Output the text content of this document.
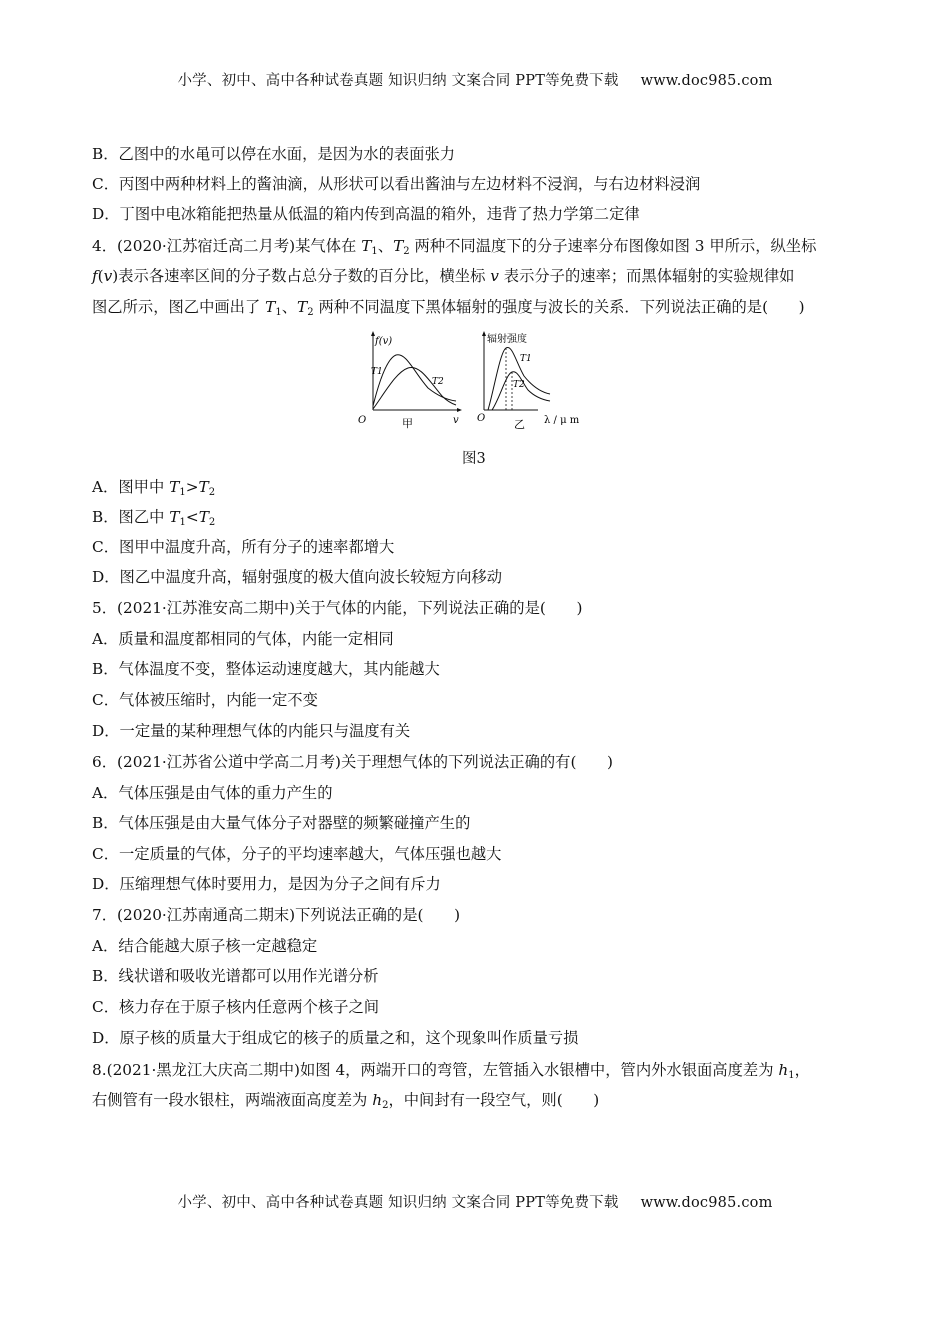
小学、初中、高中各种试卷真题 知识归纳 文案合同 PPT等免费下载 www.doc985.com
B．乙图中的水黾可以停在水面，是因为水的表面张力
C．丙图中两种材料上的酱油滴，从形状可以看出酱油与左边材料不浸润，与右边材料浸润
D．丁图中电冰箱能把热量从低温的箱内传到高温的箱外，违背了热力学第二定律
4．(2020·江苏宿迁高二月考)某气体在 $T_1$、$T_2$ 两种不同温度下的分子速率分布图像如图 3 甲所示，纵坐标
f(v)表示各速率区间的分子数占总分子数的百分比，横坐标 v 表示分子的速率；而黑体辐射的实验规律如
图乙所示，图乙中画出了 $T_1$、$T_2$ 两种不同温度下黑体辐射的强度与波长的关系．下列说法正确的是(　　)
f(v)
v
O
T1
T2
甲
辐射强度
λ / μ m
O
T1
T2
乙
图3
A．图甲中 $T_1>T_2$
B．图乙中 $T_1<T_2$
C．图甲中温度升高，所有分子的速率都增大
D．图乙中温度升高，辐射强度的极大值向波长较短方向移动
5．(2021·江苏淮安高二期中)关于气体的内能，下列说法正确的是(　　)
A．质量和温度都相同的气体，内能一定相同
B．气体温度不变，整体运动速度越大，其内能越大
C．气体被压缩时，内能一定不变
D．一定量的某种理想气体的内能只与温度有关
6．(2021·江苏省公道中学高二月考)关于理想气体的下列说法正确的有(　　)
A．气体压强是由气体的重力产生的
B．气体压强是由大量气体分子对器壁的频繁碰撞产生的
C．一定质量的气体，分子的平均速率越大，气体压强也越大
D．压缩理想气体时要用力，是因为分子之间有斥力
7．(2020·江苏南通高二期末)下列说法正确的是(　　)
A．结合能越大原子核一定越稳定
B．线状谱和吸收光谱都可以用作光谱分析
C．核力存在于原子核内任意两个核子之间
D．原子核的质量大于组成它的核子的质量之和，这个现象叫作质量亏损
8.(2021·黑龙江大庆高二期中)如图 4，两端开口的弯管，左管插入水银槽中，管内外水银面高度差为 $h_1$，
右侧管有一段水银柱，两端液面高度差为 $h_2$，中间封有一段空气，则(　　)
小学、初中、高中各种试卷真题 知识归纳 文案合同 PPT等免费下载 www.doc985.com
